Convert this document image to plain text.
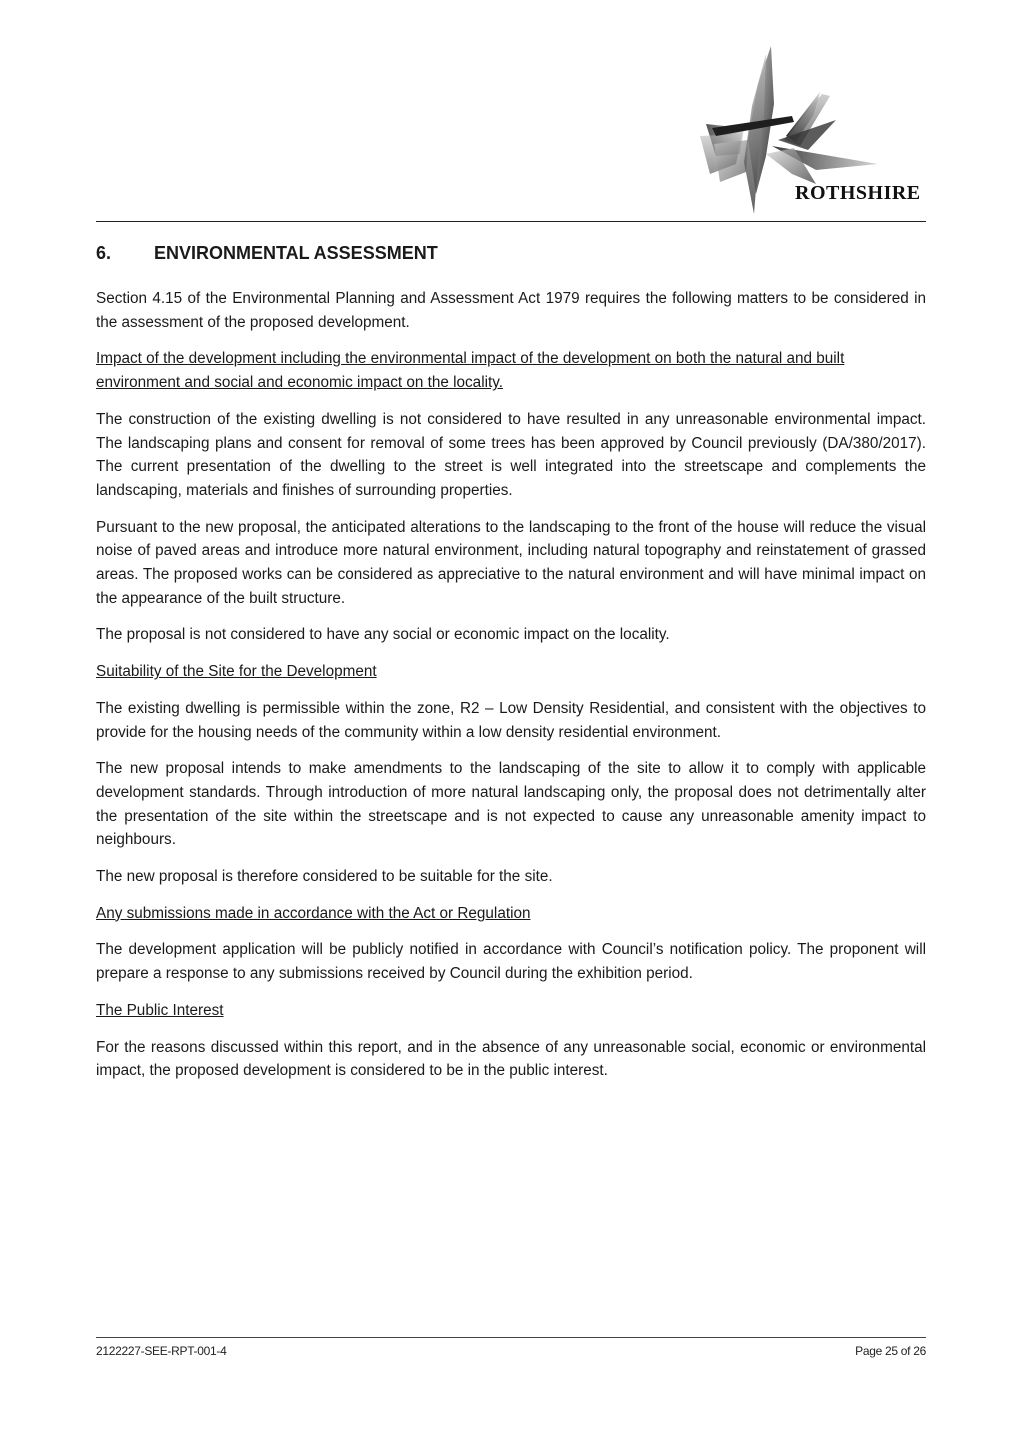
ROTHSHIRE
6.	ENVIRONMENTAL ASSESSMENT

Section 4.15 of the Environmental Planning and Assessment Act 1979 requires the following matters to be considered in the assessment of the proposed development.

Impact of the development including the environmental impact of the development on both the natural and built environment and social and economic impact on the locality.

The construction of the existing dwelling is not considered to have resulted in any unreasonable environmental impact. The landscaping plans and consent for removal of some trees has been approved by Council previously (DA/380/2017). The current presentation of the dwelling to the street is well integrated into the streetscape and complements the landscaping, materials and finishes of surrounding properties.

Pursuant to the new proposal, the anticipated alterations to the landscaping to the front of the house will reduce the visual noise of paved areas and introduce more natural environment, including natural topography and reinstatement of grassed areas. The proposed works can be considered as appreciative to the natural environment and will have minimal impact on the appearance of the built structure.

The proposal is not considered to have any social or economic impact on the locality.

Suitability of the Site for the Development

The existing dwelling is permissible within the zone, R2 – Low Density Residential, and consistent with the objectives to provide for the housing needs of the community within a low density residential environment.

The new proposal intends to make amendments to the landscaping of the site to allow it to comply with applicable development standards. Through introduction of more natural landscaping only, the proposal does not detrimentally alter the presentation of the site within the streetscape and is not expected to cause any unreasonable amenity impact to neighbours.

The new proposal is therefore considered to be suitable for the site.

Any submissions made in accordance with the Act or Regulation

The development application will be publicly notified in accordance with Council’s notification policy. The proponent will prepare a response to any submissions received by Council during the exhibition period.

The Public Interest

For the reasons discussed within this report, and in the absence of any unreasonable social, economic or environmental impact, the proposed development is considered to be in the public interest.

2122227-SEE-RPT-001-4	Page 25 of 26
